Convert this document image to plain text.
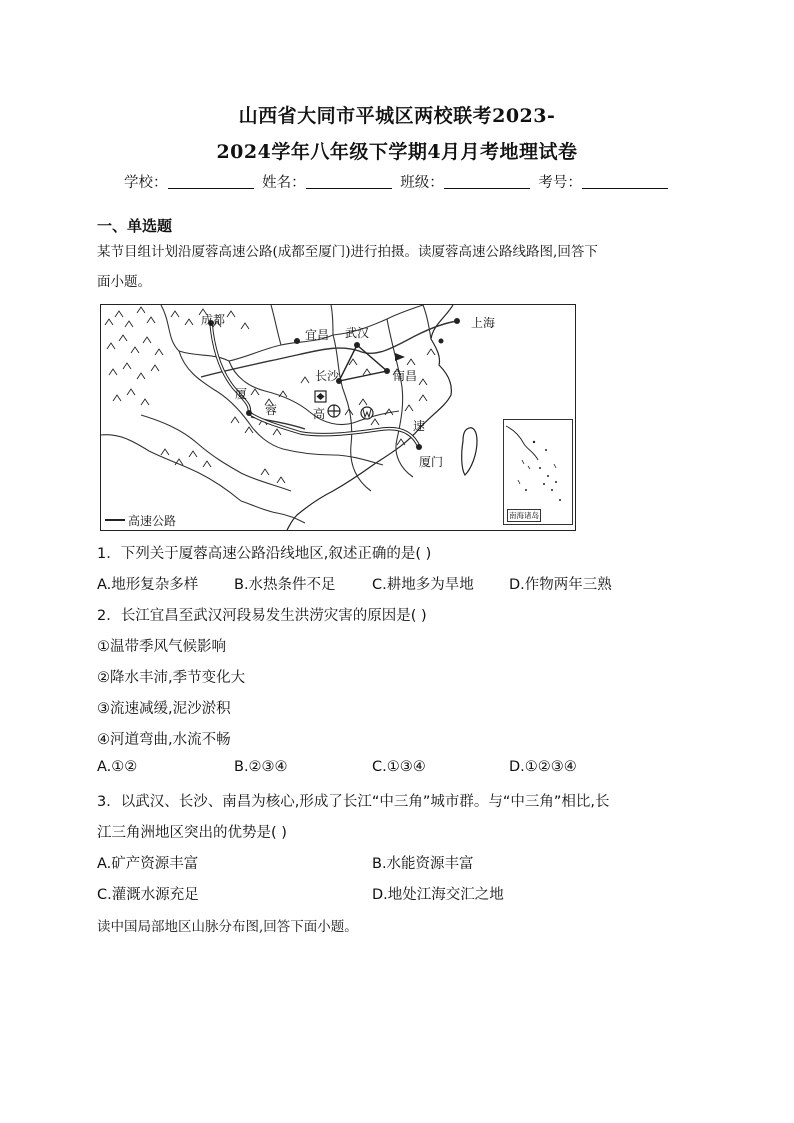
山西省大同市平城区两校联考2023-
2024学年八年级下学期4月月考地理试卷
学校：	姓名：	班级：	考号：
一、单选题
某节目组计划沿厦蓉高速公路(成都至厦门)进行拍摄。读厦蓉高速公路线路图,回答下
面小题。
成都
宜昌 武汉
上海
长沙	南昌
厦
蓉	高
速
厦门
南海诸岛
高速公路
1．下列关于厦蓉高速公路沿线地区,叙述正确的是( )
A.地形复杂多样 B.水热条件不足	C.耕地多为旱地 D.作物两年三熟
2．长江宜昌至武汉河段易发生洪涝灾害的原因是( )
①温带季风气候影响
②降水丰沛,季节变化大
③流速减缓,泥沙淤积
④河道弯曲,水流不畅
A.①②	B.②③④	C.①③④	D.①②③④
3．以武汉、长沙、南昌为核心,形成了长江“中三角”城市群。与“中三角”相比,长
江三角洲地区突出的优势是( )
A.矿产资源丰富	B.水能资源丰富
C.灌溉水源充足	D.地处江海交汇之地
读中国局部地区山脉分布图,回答下面小题。
